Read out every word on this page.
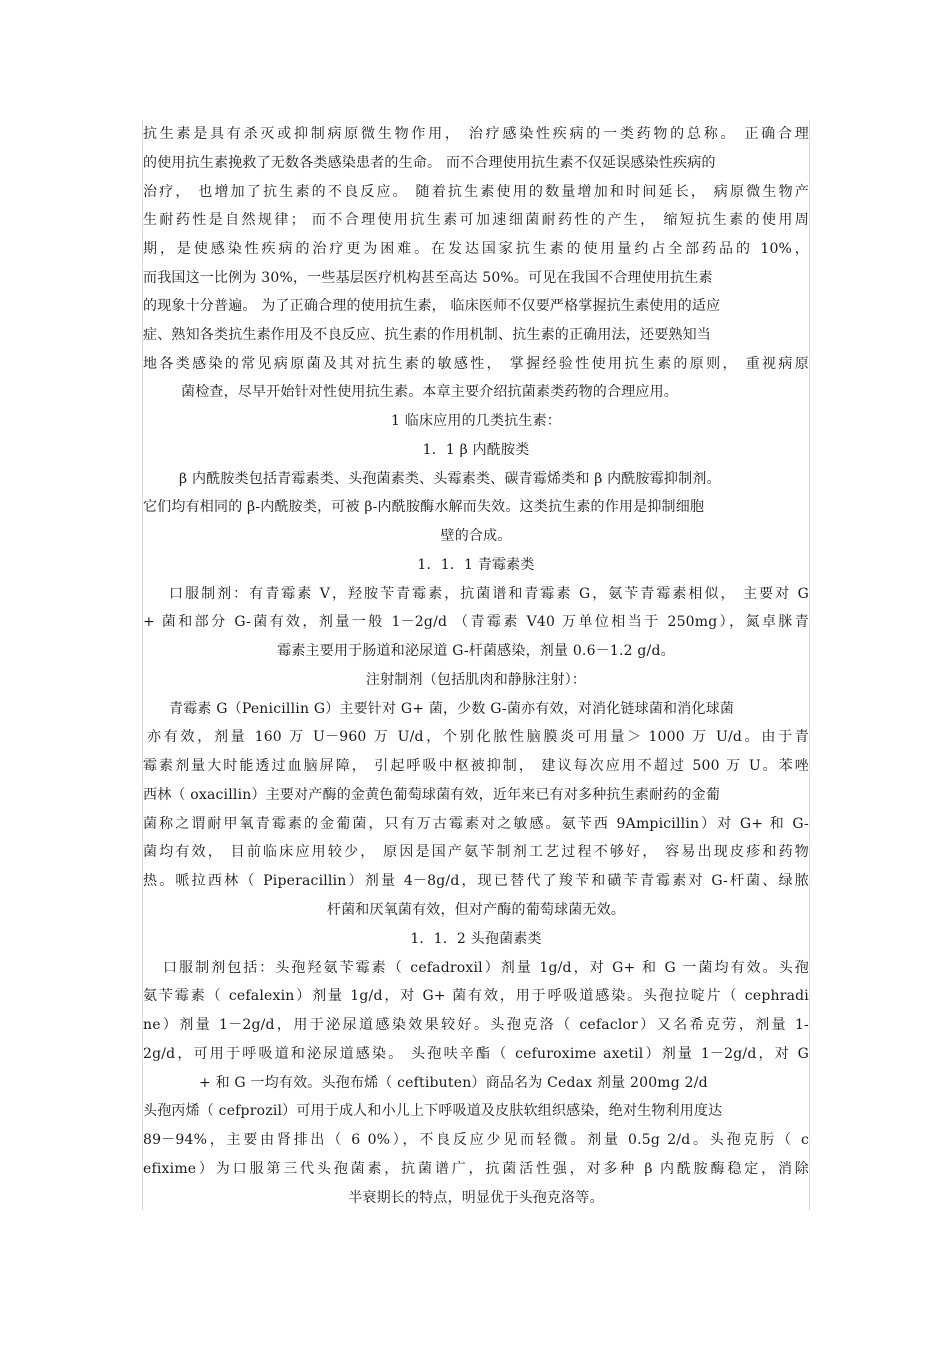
抗生素是具有杀灭或抑制病原微生物作用， 治疗感染性疾病的一类药物的总称。 正确合理
的使用抗生素挽救了无数各类感染患者的生命。 而不合理使用抗生素不仅延误感染性疾病的
治疗， 也增加了抗生素的不良反应。 随着抗生素使用的数量增加和时间延长， 病原微生物产
生耐药性是自然规律； 而不合理使用抗生素可加速细菌耐药性的产生， 缩短抗生素的使用周
期，是使感染性疾病的治疗更为困难。在发达国家抗生素的使用量约占全部药品的 10%，
而我国这一比例为 30%，一些基层医疗机构甚至高达 50%。可见在我国不合理使用抗生素
的现象十分普遍。 为了正确合理的使用抗生素， 临床医师不仅要严格掌握抗生素使用的适应
症、熟知各类抗生素作用及不良反应、抗生素的作用机制、抗生素的正确用法，还要熟知当
地各类感染的常见病原菌及其对抗生素的敏感性， 掌握经验性使用抗生素的原则， 重视病原
菌检查，尽早开始针对性使用抗生素。本章主要介绍抗菌素类药物的合理应用。
1 临床应用的几类抗生素：
1．1 β 内酰胺类
β 内酰胺类包括青霉素类、头孢菌素类、头霉素类、碳青霉烯类和 β 内酰胺霉抑制剂。
它们均有相同的 β-内酰胺类，可被 β-内酰胺酶水解而失效。这类抗生素的作用是抑制细胞
壁的合成。
1．1．1 青霉素类
口服制剂：有青霉素 V，羟胺苄青霉素，抗菌谱和青霉素 G，氨苄青霉素相似， 主要对 G
+ 菌和部分 G-菌有效，剂量一般 1－2g/d （青霉素 V40 万单位相当于 250mg），氮卓脒青
霉素主要用于肠道和泌尿道 G-杆菌感染，剂量 0.6－1.2 g/d。
注射制剂（包括肌肉和静脉注射）：
青霉素 G（Penicillin G）主要针对 G+ 菌，少数 G-菌亦有效，对消化链球菌和消化球菌
亦有效，剂量 160 万 U－960 万 U/d，个别化脓性脑膜炎可用量＞ 1000 万 U/d。由于青
霉素剂量大时能透过血脑屏障， 引起呼吸中枢被抑制， 建议每次应用不超过 500 万 U。苯唑
西林（ oxacillin）主要对产酶的金黄色葡萄球菌有效，近年来已有对多种抗生素耐药的金葡
菌称之谓耐甲氧青霉素的金葡菌，只有万古霉素对之敏感。氨苄西 9Ampicillin）对 G+ 和 G-
菌均有效， 目前临床应用较少， 原因是国产氨苄制剂工艺过程不够好， 容易出现皮疹和药物
热。哌拉西林（ Piperacillin）剂量 4－8g/d，现已替代了羧苄和磺苄青霉素对 G-杆菌、绿脓
杆菌和厌氧菌有效，但对产酶的葡萄球菌无效。
1．1．2 头孢菌素类
口服制剂包括：头孢羟氨苄霉素（ cefadroxil）剂量 1g/d，对 G+ 和 G 一菌均有效。头孢
氨苄霉素（ cefalexin）剂量 1g/d，对 G+ 菌有效，用于呼吸道感染。头孢拉啶片（ cephradi
ne）剂量 1－2g/d，用于泌尿道感染效果较好。头孢克洛（ cefaclor）又名希克劳，剂量 1-
2g/d，可用于呼吸道和泌尿道感染。 头孢呋辛酯（ cefuroxime axetil）剂量 1－2g/d，对 G
+ 和 G 一均有效。头孢布烯（ ceftibuten）商品名为 Cedax 剂量 200mg 2/d
头孢丙烯（ cefprozil）可用于成人和小儿上下呼吸道及皮肤软组织感染，绝对生物利用度达
89－94%，主要由肾排出（ 6 0%），不良反应少见而轻微。剂量 0.5g 2/d。头孢克肟（ c
efixime）为口服第三代头孢菌素，抗菌谱广，抗菌活性强，对多种 β 内酰胺酶稳定，消除
半衰期长的特点，明显优于头孢克洛等。
